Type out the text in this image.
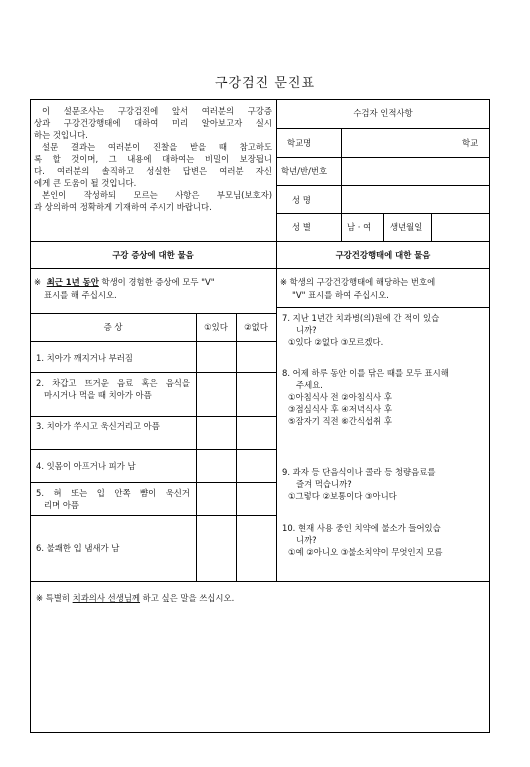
구강검진 문진표
이 설문조사는 구강검진에 앞서 여러분의 구강증
상과 구강건강행태에 대하여 미리 알아보고자 실시
하는 것입니다.
설문 결과는 여러분이 진찰을 받을 때 참고하도
록 할 것이며, 그 내용에 대하여는 비밀이 보장됩니
다. 여러분의 솔직하고 성실한 답변은 여러분 자신
에게 큰 도움이 될 것입니다.
본인이 작성하되 모르는 사항은 부모님(보호자)
과 상의하여 정확하게 기재하여 주시기 바랍니다.
수검자 인적사항
학교명	학교
학년/반/번호
성 명
성 별	남 · 여 생년월일
구강 증상에 대한 물음	구강건강행태에 대한 물음
※ 최근 1년 동안 학생이 경험한 증상에 모두 "V"
표시를 해 주십시오.
※ 학생의 구강건강행태에 해당하는 번호에
"V" 표시를 하여 주십시오.
증 상	①있다	②없다
1. 치아가 깨지거나 부러짐
2. 차갑고 뜨거운 음료 혹은 음식을
마시거나 먹을 때 치아가 아픔
3. 치아가 쑤시고 욱신거리고 아픔
4. 잇몸이 아프거나 피가 남
5. 혀 또는 입 안쪽 뺨이 욱신거
리며 아픔
6. 불쾌한 입 냄새가 남
7. 지난 1년간 치과병(의)원에 간 적이 있습
니까?
①있다 ②없다 ③모르겠다.
8. 어제 하루 동안 이를 닦은 때를 모두 표시해
주세요.
①아침식사 전 ②아침식사 후
③점심식사 후 ④저녁식사 후
⑤잠자기 직전 ⑥간식섭취 후
9. 과자 등 단음식이나 콜라 등 청량음료를
즐겨 먹습니까?
①그렇다 ②보통이다 ③아니다
10. 현재 사용 중인 치약에 불소가 들어있습
니까?
①예 ②아니오 ③불소치약이 무엇인지 모름
※ 특별히 치과의사 선생님께 하고 싶은 말을 쓰십시오.
